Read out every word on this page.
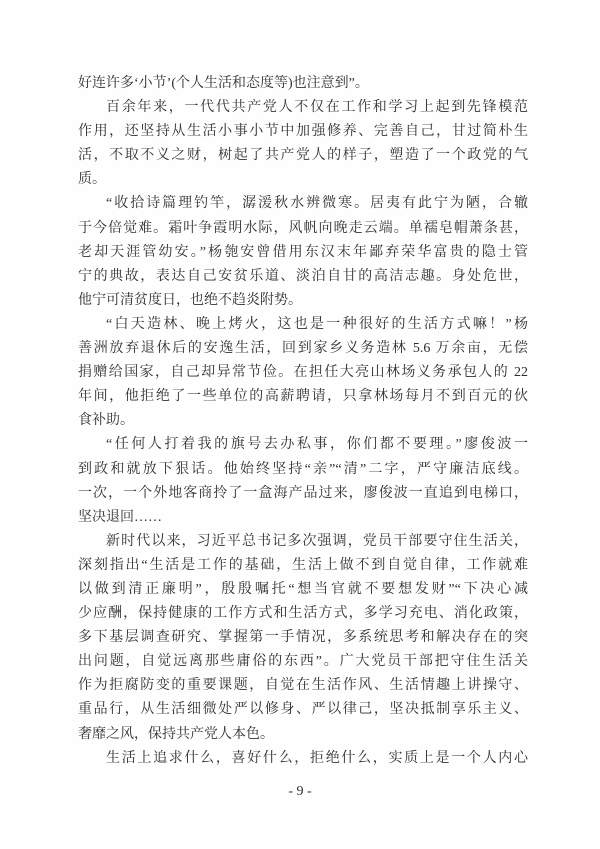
好连许多‘小节’(个人生活和态度等)也注意到”。
百余年来，一代代共产党人不仅在工作和学习上起到先锋模范
作用，还坚持从生活小事小节中加强修养、完善自己，甘过简朴生
活，不取不义之财，树起了共产党人的样子，塑造了一个政党的气
质。
“收拾诗篇理钓竿，潺湲秋水辨微寒。居夷有此宁为陋，合辙
于今倍觉难。霜叶争霞明水际，风帆向晚走云端。单襦皂帽萧条甚，
老却天涯管幼安。”杨匏安曾借用东汉末年鄙弃荣华富贵的隐士管
宁的典故，表达自己安贫乐道、淡泊自甘的高洁志趣。身处危世，
他宁可清贫度日，也绝不趋炎附势。
“白天造林、晚上烤火，这也是一种很好的生活方式嘛！”杨
善洲放弃退休后的安逸生活，回到家乡义务造林 5.6 万余亩，无偿
捐赠给国家，自己却异常节俭。在担任大亮山林场义务承包人的 22
年间，他拒绝了一些单位的高薪聘请，只拿林场每月不到百元的伙
食补助。
“任何人打着我的旗号去办私事，你们都不要理。”廖俊波一
到政和就放下狠话。他始终坚持“亲”“清”二字，严守廉洁底线。
一次，一个外地客商拎了一盒海产品过来，廖俊波一直追到电梯口，
坚决退回……
新时代以来，习近平总书记多次强调，党员干部要守住生活关，
深刻指出“生活是工作的基础，生活上做不到自觉自律，工作就难
以做到清正廉明”，殷殷嘱托“想当官就不要想发财”“下决心减
少应酬，保持健康的工作方式和生活方式，多学习充电、消化政策，
多下基层调查研究、掌握第一手情况，多系统思考和解决存在的突
出问题，自觉远离那些庸俗的东西”。广大党员干部把守住生活关
作为拒腐防变的重要课题，自觉在生活作风、生活情趣上讲操守、
重品行，从生活细微处严以修身、严以律己，坚决抵制享乐主义、
奢靡之风，保持共产党人本色。
生活上追求什么，喜好什么，拒绝什么，实质上是一个人内心
- 9 -
